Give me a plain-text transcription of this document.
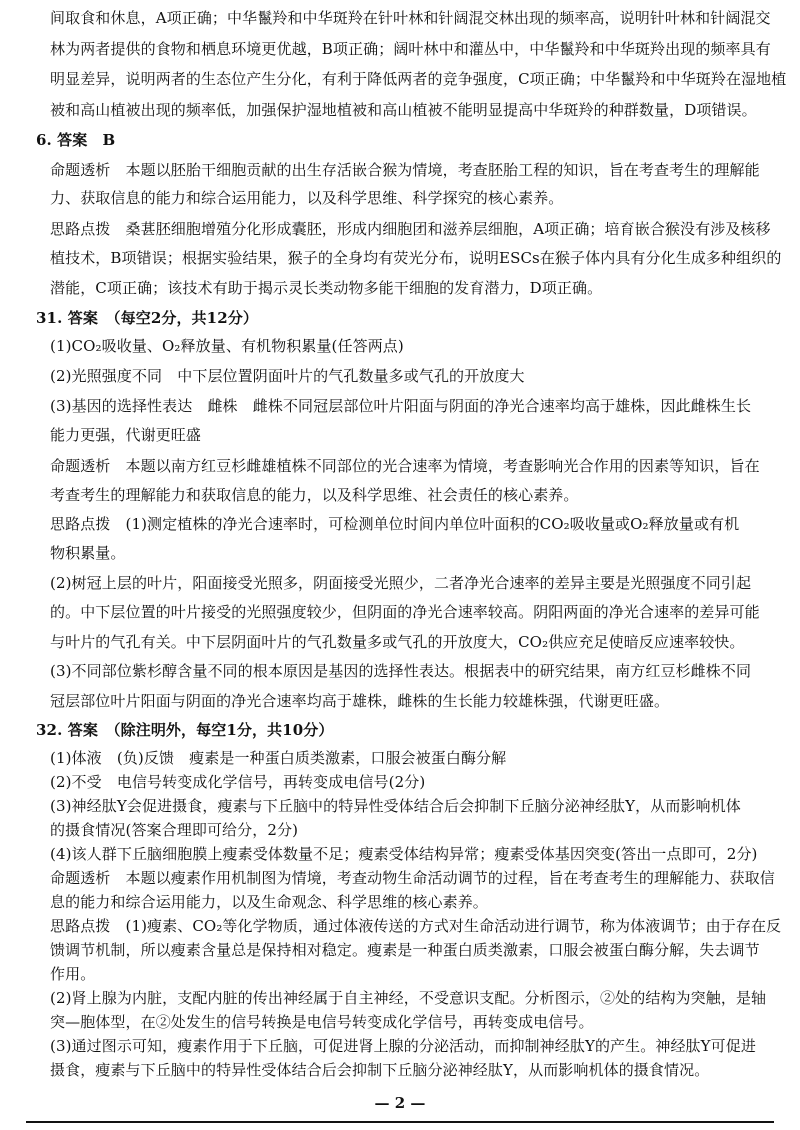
间取食和休息，A项正确；中华鬣羚和中华斑羚在针叶林和针阔混交林出现的频率高，说明针叶林和针阔混交
林为两者提供的食物和栖息环境更优越，B项正确；阔叶林中和灌丛中，中华鬣羚和中华斑羚出现的频率具有
明显差异，说明两者的生态位产生分化，有利于降低两者的竞争强度，C项正确；中华鬣羚和中华斑羚在湿地植
被和高山植被出现的频率低，加强保护湿地植被和高山植被不能明显提高中华斑羚的种群数量，D项错误。
6. 答案　B
命题透析　本题以胚胎干细胞贡献的出生存活嵌合猴为情境，考查胚胎工程的知识，旨在考查考生的理解能
力、获取信息的能力和综合运用能力，以及科学思维、科学探究的核心素养。
思路点拨　桑葚胚细胞增殖分化形成囊胚，形成内细胞团和滋养层细胞，A项正确；培育嵌合猴没有涉及核移
植技术，B项错误；根据实验结果，猴子的全身均有荧光分布，说明ESCs在猴子体内具有分化生成多种组织的
潜能，C项正确；该技术有助于揭示灵长类动物多能干细胞的发育潜力，D项正确。
31. 答案　（每空2分，共12分）
(1)CO₂吸收量、O₂释放量、有机物积累量(任答两点)
(2)光照强度不同　中下层位置阴面叶片的气孔数量多或气孔的开放度大
(3)基因的选择性表达　雌株　雌株不同冠层部位叶片阳面与阴面的净光合速率均高于雄株，因此雌株生长
能力更强，代谢更旺盛
命题透析　本题以南方红豆杉雌雄植株不同部位的光合速率为情境，考查影响光合作用的因素等知识，旨在
考查考生的理解能力和获取信息的能力，以及科学思维、社会责任的核心素养。
思路点拨　(1)测定植株的净光合速率时，可检测单位时间内单位叶面积的CO₂吸收量或O₂释放量或有机
物积累量。
(2)树冠上层的叶片，阳面接受光照多，阴面接受光照少，二者净光合速率的差异主要是光照强度不同引起
的。中下层位置的叶片接受的光照强度较少，但阴面的净光合速率较高。阴阳两面的净光合速率的差异可能
与叶片的气孔有关。中下层阴面叶片的气孔数量多或气孔的开放度大，CO₂供应充足使暗反应速率较快。
(3)不同部位紫杉醇含量不同的根本原因是基因的选择性表达。根据表中的研究结果，南方红豆杉雌株不同
冠层部位叶片阳面与阴面的净光合速率均高于雄株，雌株的生长能力较雄株强，代谢更旺盛。
32. 答案　（除注明外，每空1分，共10分）
(1)体液　(负)反馈　瘦素是一种蛋白质类激素，口服会被蛋白酶分解
(2)不受　电信号转变成化学信号，再转变成电信号(2分)
(3)神经肽Y会促进摄食，瘦素与下丘脑中的特异性受体结合后会抑制下丘脑分泌神经肽Y，从而影响机体
的摄食情况(答案合理即可给分，2分)
(4)该人群下丘脑细胞膜上瘦素受体数量不足；瘦素受体结构异常；瘦素受体基因突变(答出一点即可，2分)
命题透析　本题以瘦素作用机制图为情境，考查动物生命活动调节的过程，旨在考查考生的理解能力、获取信
息的能力和综合运用能力，以及生命观念、科学思维的核心素养。
思路点拨　(1)瘦素、CO₂等化学物质，通过体液传送的方式对生命活动进行调节，称为体液调节；由于存在反
馈调节机制，所以瘦素含量总是保持相对稳定。瘦素是一种蛋白质类激素，口服会被蛋白酶分解，失去调节
作用。
(2)肾上腺为内脏，支配内脏的传出神经属于自主神经，不受意识支配。分析图示，②处的结构为突触，是轴
突—胞体型，在②处发生的信号转换是电信号转变成化学信号，再转变成电信号。
— 2 —
(3)通过图示可知，瘦素作用于下丘脑，可促进肾上腺的分泌活动，而抑制神经肽Y的产生。神经肽Y可促进
摄食，瘦素与下丘脑中的特异性受体结合后会抑制下丘脑分泌神经肽Y，从而影响机体的摄食情况。
